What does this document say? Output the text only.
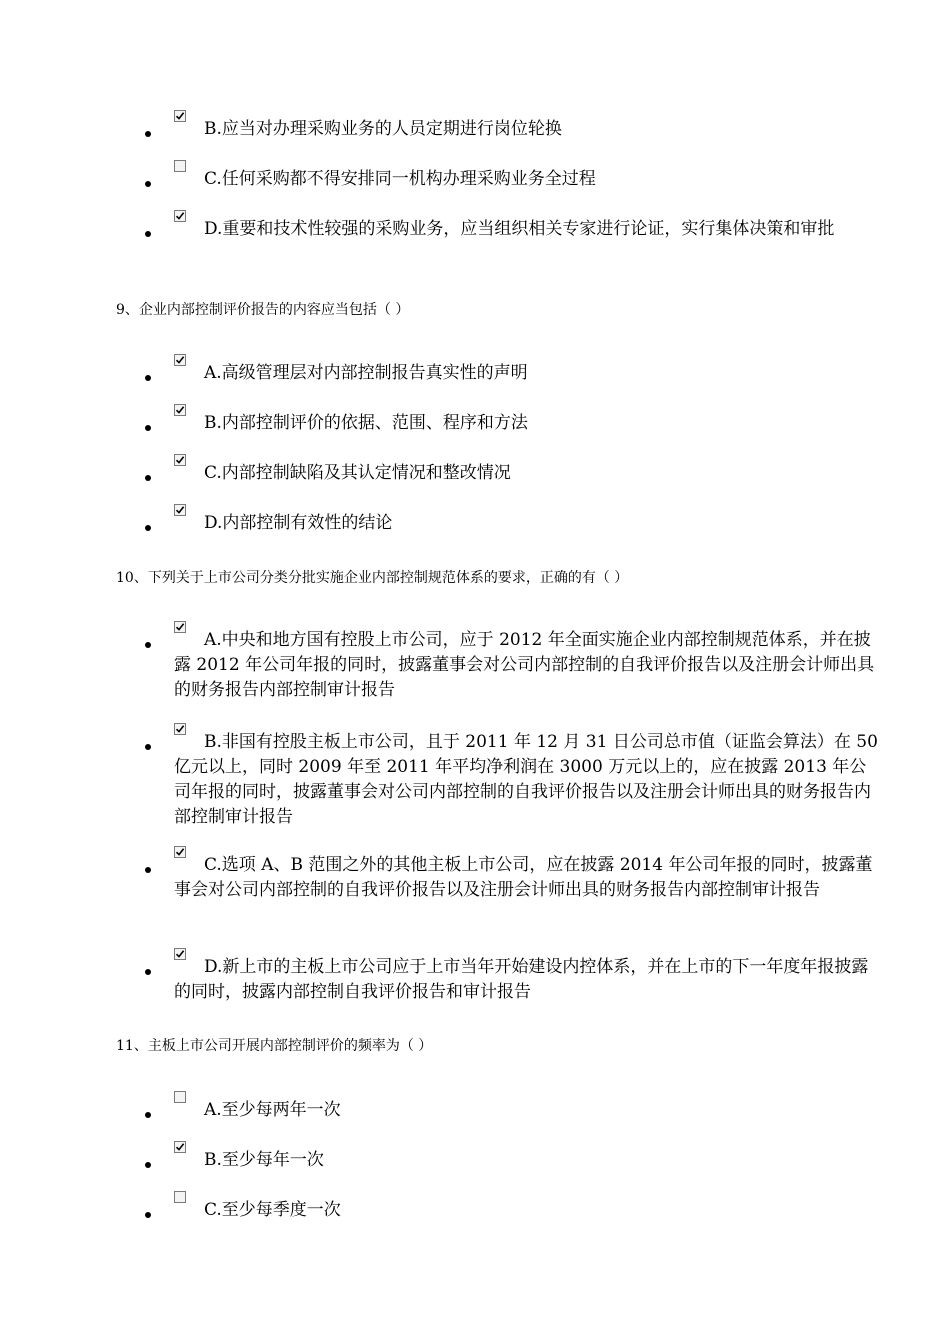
B.应当对办理采购业务的人员定期进行岗位轮换
C.任何采购都不得安排同一机构办理采购业务全过程
D.重要和技术性较强的采购业务，应当组织相关专家进行论证，实行集体决策和审批
9、企业内部控制评价报告的内容应当包括（ ）
A.高级管理层对内部控制报告真实性的声明
B.内部控制评价的依据、范围、程序和方法
C.内部控制缺陷及其认定情况和整改情况
D.内部控制有效性的结论
10、下列关于上市公司分类分批实施企业内部控制规范体系的要求，正确的有（ ）
A.中央和地方国有控股上市公司，应于 2012 年全面实施企业内部控制规范体系，并在披露 2012 年公司年报的同时，披露董事会对公司内部控制的自我评价报告以及注册会计师出具的财务报告内部控制审计报告
B.非国有控股主板上市公司，且于 2011 年 12 月 31 日公司总市值（证监会算法）在 50 亿元以上，同时 2009 年至 2011 年平均净利润在 3000 万元以上的，应在披露 2013 年公司年报的同时，披露董事会对公司内部控制的自我评价报告以及注册会计师出具的财务报告内部控制审计报告
C.选项 A、B 范围之外的其他主板上市公司，应在披露 2014 年公司年报的同时，披露董事会对公司内部控制的自我评价报告以及注册会计师出具的财务报告内部控制审计报告
D.新上市的主板上市公司应于上市当年开始建设内控体系，并在上市的下一年度年报披露的同时，披露内部控制自我评价报告和审计报告
11、主板上市公司开展内部控制评价的频率为（ ）
A.至少每两年一次
B.至少每年一次
C.至少每季度一次
